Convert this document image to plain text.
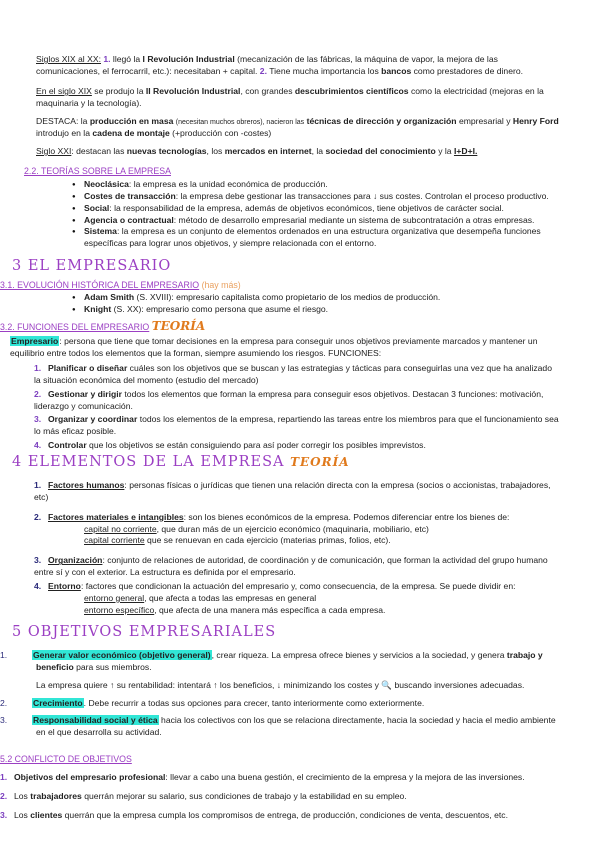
Siglos XIX al XX: 1. llegó la I Revolución Industrial (mecanización de las fábricas, la máquina de vapor, la mejora de las comunicaciones, el ferrocarril, etc.): necesitaban + capital. 2. Tiene mucha importancia los bancos como prestadores de dinero.
En el siglo XIX se produjo la II Revolución Industrial, con grandes descubrimientos científicos como la electricidad (mejoras en la maquinaria y la tecnología).
DESTACA: la producción en masa (necesitan muchos obreros), nacieron las técnicas de dirección y organización empresarial y Henry Ford introdujo en la cadena de montaje (+producción con -costes)
Siglo XXI: destacan las nuevas tecnologías, los mercados en internet, la sociedad del conocimiento y la I+D+I.
2.2. TEORÍAS SOBRE LA EMPRESA
● Neoclásica: la empresa es la unidad económica de producción.
● Costes de transacción: la empresa debe gestionar las transacciones para ↓ sus costes. Controlan el proceso productivo.
● Social: la responsabilidad de la empresa, además de objetivos económicos, tiene objetivos de carácter social.
● Agencia o contractual: método de desarrollo empresarial mediante un sistema de subcontratación a otras empresas.
● Sistema: la empresa es un conjunto de elementos ordenados en una estructura organizativa que desempeña funciones específicas para lograr unos objetivos, y siempre relacionada con el entorno.
3 EL EMPRESARIO
3.1. EVOLUCIÓN HISTÓRICA DEL EMPRESARIO (hay más)
● Adam Smith (S. XVIII): empresario capitalista como propietario de los medios de producción.
● Knight (S. XX): empresario como persona que asume el riesgo.
3.2. FUNCIONES DEL EMPRESARIO TEORÍA
Empresario: persona que tiene que tomar decisiones en la empresa para conseguir unos objetivos previamente marcados y mantener un equilibrio entre todos los elementos que la forman, siempre asumiendo los riesgos. FUNCIONES:
1. Planificar o diseñar cuáles son los objetivos que se buscan y las estrategias y tácticas para conseguirlas una vez que ha analizado la situación económica del momento (estudio del mercado)
2. Gestionar y dirigir todos los elementos que forman la empresa para conseguir esos objetivos. Destacan 3 funciones: motivación, liderazgo y comunicación.
3. Organizar y coordinar todos los elementos de la empresa, repartiendo las tareas entre los miembros para que el funcionamiento sea lo más eficaz posible.
4. Controlar que los objetivos se están consiguiendo para así poder corregir los posibles imprevistos.
4 ELEMENTOS DE LA EMPRESA TEORÍA
1. Factores humanos: personas físicas o jurídicas que tienen una relación directa con la empresa (socios o accionistas, trabajadores, etc)
2. Factores materiales e intangibles: son los bienes económicos de la empresa. Podemos diferenciar entre los bienes de:
capital no corriente, que duran más de un ejercicio económico (maquinaria, mobiliario, etc)
capital corriente que se renuevan en cada ejercicio (materias primas, folios, etc).
3. Organización: conjunto de relaciones de autoridad, de coordinación y de comunicación, que forman la actividad del grupo humano entre sí y con el exterior. La estructura es definida por el empresario.
4. Entorno: factores que condicionan la actuación del empresario y, como consecuencia, de la empresa. Se puede dividir en:
entorno general, que afecta a todas las empresas en general
entorno específico, que afecta de una manera más específica a cada empresa.
5 OBJETIVOS EMPRESARIALES
1.	Generar valor económico (objetivo general), crear riqueza. La empresa ofrece bienes y servicios a la sociedad, y genera trabajo y beneficio para sus miembros.
La empresa quiere ↑ su rentabilidad: intentará ↑ los beneficios, ↓ minimizando los costes y 🔍 buscando inversiones adecuadas.
2.	Crecimiento. Debe recurrir a todas sus opciones para crecer, tanto interiormente como exteriormente.
3.	Responsabilidad social y ética hacia los colectivos con los que se relaciona directamente, hacia la sociedad y hacia el medio ambiente en el que desarrolla su actividad.
5.2 CONFLICTO DE OBJETIVOS
1. Objetivos del empresario profesional: llevar a cabo una buena gestión, el crecimiento de la empresa y la mejora de las inversiones.
2. Los trabajadores querrán mejorar su salario, sus condiciones de trabajo y la estabilidad en su empleo.
3. Los clientes querrán que la empresa cumpla los compromisos de entrega, de producción, condiciones de venta, descuentos, etc.
